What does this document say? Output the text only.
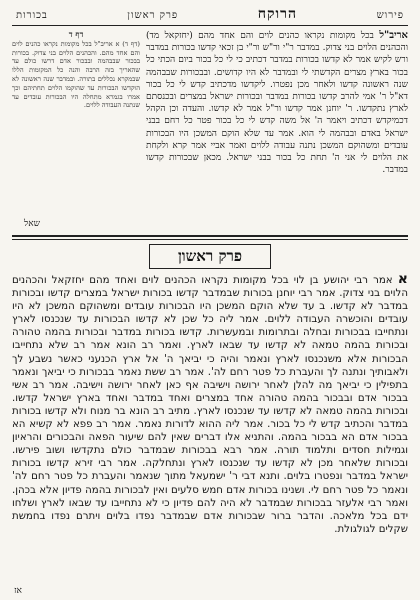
פירוש
הרוקח
פרק ראשון
בכורות
אריב"ל בכל מקומות נקראו כהנים לוים והם אחד מהם (יחזקאל מד) והכהנים הלוים בני צדוק. במדבר ר"י ור"ש ור"י בן זכאי קדשו בכורות במדבר ורש לקיש אמר לא קדשו בכורות במדבר דכתיב כי לי כל בכור ביום הכתי כל בכור בארץ מצרים הקדשתי לי ובמדבר לא היו קדושים. ובבכורות שבבהמה שנה ראשונה קדשו ולאחר מכן נפטרו. ליקדשו מדכתיב קדש לי כל בכור דא"ל ר' אמי להרב קדשו בכורות במדבר ובכורות ישראל במצרים ובכנסתם לארץ נתקדשו. ר' יוחנן אמר קדשו ור"ל אמר לא קדשו. והעדה וכן הקהל דכמיקדש דכתיב ויאמר ה' אל משה קדש לי כל בכור פטר כל רחם בבני ישראל באדם ובבהמה לי הוא. אמר עד שלא הוקם המשכן היו הבכורות עובדים ומשהוקם המשכן נתנה עבודה ללוים ואמר אביי אמר קרא ולקחת את הלוים לי אני ה' תחת כל בכור בבני ישראל. מכאן שבכורות קדשו במדבר.
דף ד
(דף ד) א אריב"ל בכל מקומות נקראו כהנים לוים והם אחד מהם. והכהנים הלוים בני צדוק. בכורות בבכור שבבהמה ובבכור אדם דרשו כולם עד שהאריך בזה הרבה והנה כל המקומות הללו שבמקרא נכללים בתורה. ובמדבר שנה ראשונה לא הוקדשו הבכורות עד שהוקמו הלוים תחתיהם וכך אמרו בגמרא מתחלה היו הבכורות עובדים עד שנתנה העבודה ללוים.
שאל
פרק ראשון
א אמר רבי יהושע בן לוי בכל מקומות נקראו הכהנים לוים ואחד מהם יחזקאל והכהנים הלוים בני צדוק. אמר רבי יוחנן בכורות שבמדבר קדשו בכורות ישראל במצרים קדשו ובכורות במדבר לא קדשו. ב עד שלא הוקם המשכן היו הבכורות עובדים ומשהוקם המשכן לא היו עובדים והוכשרה העבודה ללוים. אמר ליה כל שכן לא קדשו הבכורות עד שנכנסו לארץ ונתחייבו בבכורות ובחלה ובתרומות ובמעשרות. קדשו בכורות במדבר ובכורות בהמה טהורה ובכורות בהמה טמאה לא קדשו עד שבאו לארץ. ואמר רב הונא אמר רב שלא נתחייבו הבכורות אלא משנכנסו לארץ ונאמר והיה כי יביאך ה' אל ארץ הכנעני כאשר נשבע לך ולאבותיך ונתנה לך והעברת כל פטר רחם לה'. אמר רב ששת נאמר בבכורות כי יביאך ונאמר בתפילין כי יביאך מה להלן לאחר ירושה וישיבה אף כאן לאחר ירושה וישיבה. אמר רב אשי בבכור אדם ובבכור בהמה טהורה אחד במצרים ואחד במדבר ואחד בארץ ישראל קדשו. ובכורות בהמה טמאה לא קדשו עד שנכנסו לארץ. מתיב רב הונא בר מנוח ולא קדשו בכורות במדבר והכתיב קדש לי כל בכור. אמר ליה ההוא לדורות נאמר. אמר רב פפא לא קשיא הא בבכור אדם הא בבכור בהמה. והתניא אלו דברים שאין להם שיעור הפאה והבכורים והראיון וגמילות חסדים ותלמוד תורה. אמר רבא בבכורות שבמדבר כולם נתקדשו ושוב פירשו. ובכורות שלאחר מכן לא קדשו עד שנכנסו לארץ ונתחלקה. אמר רבי זירא קדשו בכורות ישראל במדבר ונפטרו בלוים. ותנא דבי ר' ישמעאל מתוך שנאמר והעברת כל פטר רחם לה' ונאמר כל פטר רחם לי. ושנינו בכורות אדם חמש סלעים ואין לבכורות בהמה פדיון אלא בכהן. ואמר רבי אלעזר בבכורות שבמדבר לא היה להם פדיון כי לא נתחייבו עד שבאו לארץ ושלחו ידם בכל מלאכה. והדבר ברור שבכורות אדם שבמדבר נפדו בלוים ויתרם נפדו בחמשת שקלים לגולגולת.
אז
